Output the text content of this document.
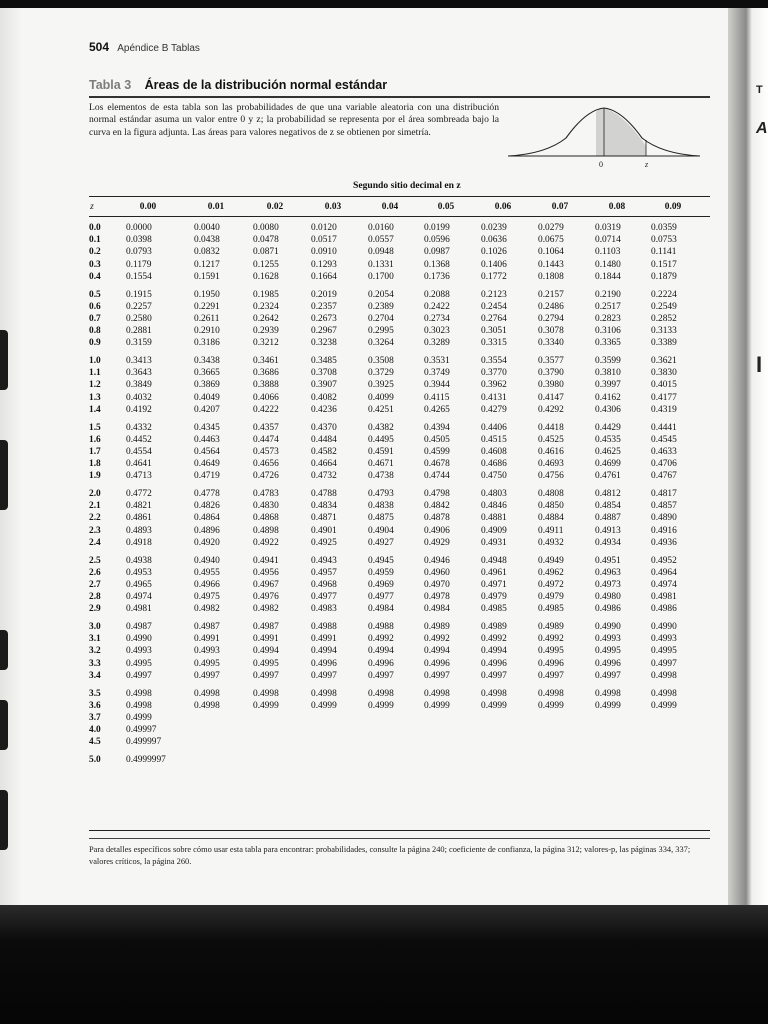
T
A
I
504 Apéndice B Tablas
Tabla 3 Áreas de la distribución normal estándar
Los elementos de esta tabla son las probabilidades de que una variable aleatoria con una distribución normal estándar asuma un valor entre 0 y z; la probabilidad se representa por el área sombreada bajo la curva en la figura adjunta. Las áreas para valores negativos de z se obtienen por simetría.
0	z
Segundo sitio decimal en z
z	0.00	0.01	0.02	0.03	0.04	0.05	0.06	0.07	0.08	0.09
0.0	0.0000	0.0040	0.0080	0.0120	0.0160	0.0199	0.0239	0.0279	0.0319	0.0359
0.1	0.0398	0.0438	0.0478	0.0517	0.0557	0.0596	0.0636	0.0675	0.0714	0.0753
0.2	0.0793	0.0832	0.0871	0.0910	0.0948	0.0987	0.1026	0.1064	0.1103	0.1141
0.3	0.1179	0.1217	0.1255	0.1293	0.1331	0.1368	0.1406	0.1443	0.1480	0.1517
0.4	0.1554	0.1591	0.1628	0.1664	0.1700	0.1736	0.1772	0.1808	0.1844	0.1879
0.5	0.1915	0.1950	0.1985	0.2019	0.2054	0.2088	0.2123	0.2157	0.2190	0.2224
0.6	0.2257	0.2291	0.2324	0.2357	0.2389	0.2422	0.2454	0.2486	0.2517	0.2549
0.7	0.2580	0.2611	0.2642	0.2673	0.2704	0.2734	0.2764	0.2794	0.2823	0.2852
0.8	0.2881	0.2910	0.2939	0.2967	0.2995	0.3023	0.3051	0.3078	0.3106	0.3133
0.9	0.3159	0.3186	0.3212	0.3238	0.3264	0.3289	0.3315	0.3340	0.3365	0.3389
1.0	0.3413	0.3438	0.3461	0.3485	0.3508	0.3531	0.3554	0.3577	0.3599	0.3621
1.1	0.3643	0.3665	0.3686	0.3708	0.3729	0.3749	0.3770	0.3790	0.3810	0.3830
1.2	0.3849	0.3869	0.3888	0.3907	0.3925	0.3944	0.3962	0.3980	0.3997	0.4015
1.3	0.4032	0.4049	0.4066	0.4082	0.4099	0.4115	0.4131	0.4147	0.4162	0.4177
1.4	0.4192	0.4207	0.4222	0.4236	0.4251	0.4265	0.4279	0.4292	0.4306	0.4319
1.5	0.4332	0.4345	0.4357	0.4370	0.4382	0.4394	0.4406	0.4418	0.4429	0.4441
1.6	0.4452	0.4463	0.4474	0.4484	0.4495	0.4505	0.4515	0.4525	0.4535	0.4545
1.7	0.4554	0.4564	0.4573	0.4582	0.4591	0.4599	0.4608	0.4616	0.4625	0.4633
1.8	0.4641	0.4649	0.4656	0.4664	0.4671	0.4678	0.4686	0.4693	0.4699	0.4706
1.9	0.4713	0.4719	0.4726	0.4732	0.4738	0.4744	0.4750	0.4756	0.4761	0.4767
2.0	0.4772	0.4778	0.4783	0.4788	0.4793	0.4798	0.4803	0.4808	0.4812	0.4817
2.1	0.4821	0.4826	0.4830	0.4834	0.4838	0.4842	0.4846	0.4850	0.4854	0.4857
2.2	0.4861	0.4864	0.4868	0.4871	0.4875	0.4878	0.4881	0.4884	0.4887	0.4890
2.3	0.4893	0.4896	0.4898	0.4901	0.4904	0.4906	0.4909	0.4911	0.4913	0.4916
2.4	0.4918	0.4920	0.4922	0.4925	0.4927	0.4929	0.4931	0.4932	0.4934	0.4936
2.5	0.4938	0.4940	0.4941	0.4943	0.4945	0.4946	0.4948	0.4949	0.4951	0.4952
2.6	0.4953	0.4955	0.4956	0.4957	0.4959	0.4960	0.4961	0.4962	0.4963	0.4964
2.7	0.4965	0.4966	0.4967	0.4968	0.4969	0.4970	0.4971	0.4972	0.4973	0.4974
2.8	0.4974	0.4975	0.4976	0.4977	0.4977	0.4978	0.4979	0.4979	0.4980	0.4981
2.9	0.4981	0.4982	0.4982	0.4983	0.4984	0.4984	0.4985	0.4985	0.4986	0.4986
3.0	0.4987	0.4987	0.4987	0.4988	0.4988	0.4989	0.4989	0.4989	0.4990	0.4990
3.1	0.4990	0.4991	0.4991	0.4991	0.4992	0.4992	0.4992	0.4992	0.4993	0.4993
3.2	0.4993	0.4993	0.4994	0.4994	0.4994	0.4994	0.4994	0.4995	0.4995	0.4995
3.3	0.4995	0.4995	0.4995	0.4996	0.4996	0.4996	0.4996	0.4996	0.4996	0.4997
3.4	0.4997	0.4997	0.4997	0.4997	0.4997	0.4997	0.4997	0.4997	0.4997	0.4998
3.5	0.4998	0.4998	0.4998	0.4998	0.4998	0.4998	0.4998	0.4998	0.4998	0.4998
3.6	0.4998	0.4998	0.4999	0.4999	0.4999	0.4999	0.4999	0.4999	0.4999	0.4999
3.7	0.4999
4.0	0.49997
4.5	0.499997
5.0	0.4999997
Para detalles específicos sobre cómo usar esta tabla para encontrar: probabilidades, consulte la página 240; coeficiente de confianza, la página 312; valores-p, las páginas 334, 337; valores críticos, la página 260.
